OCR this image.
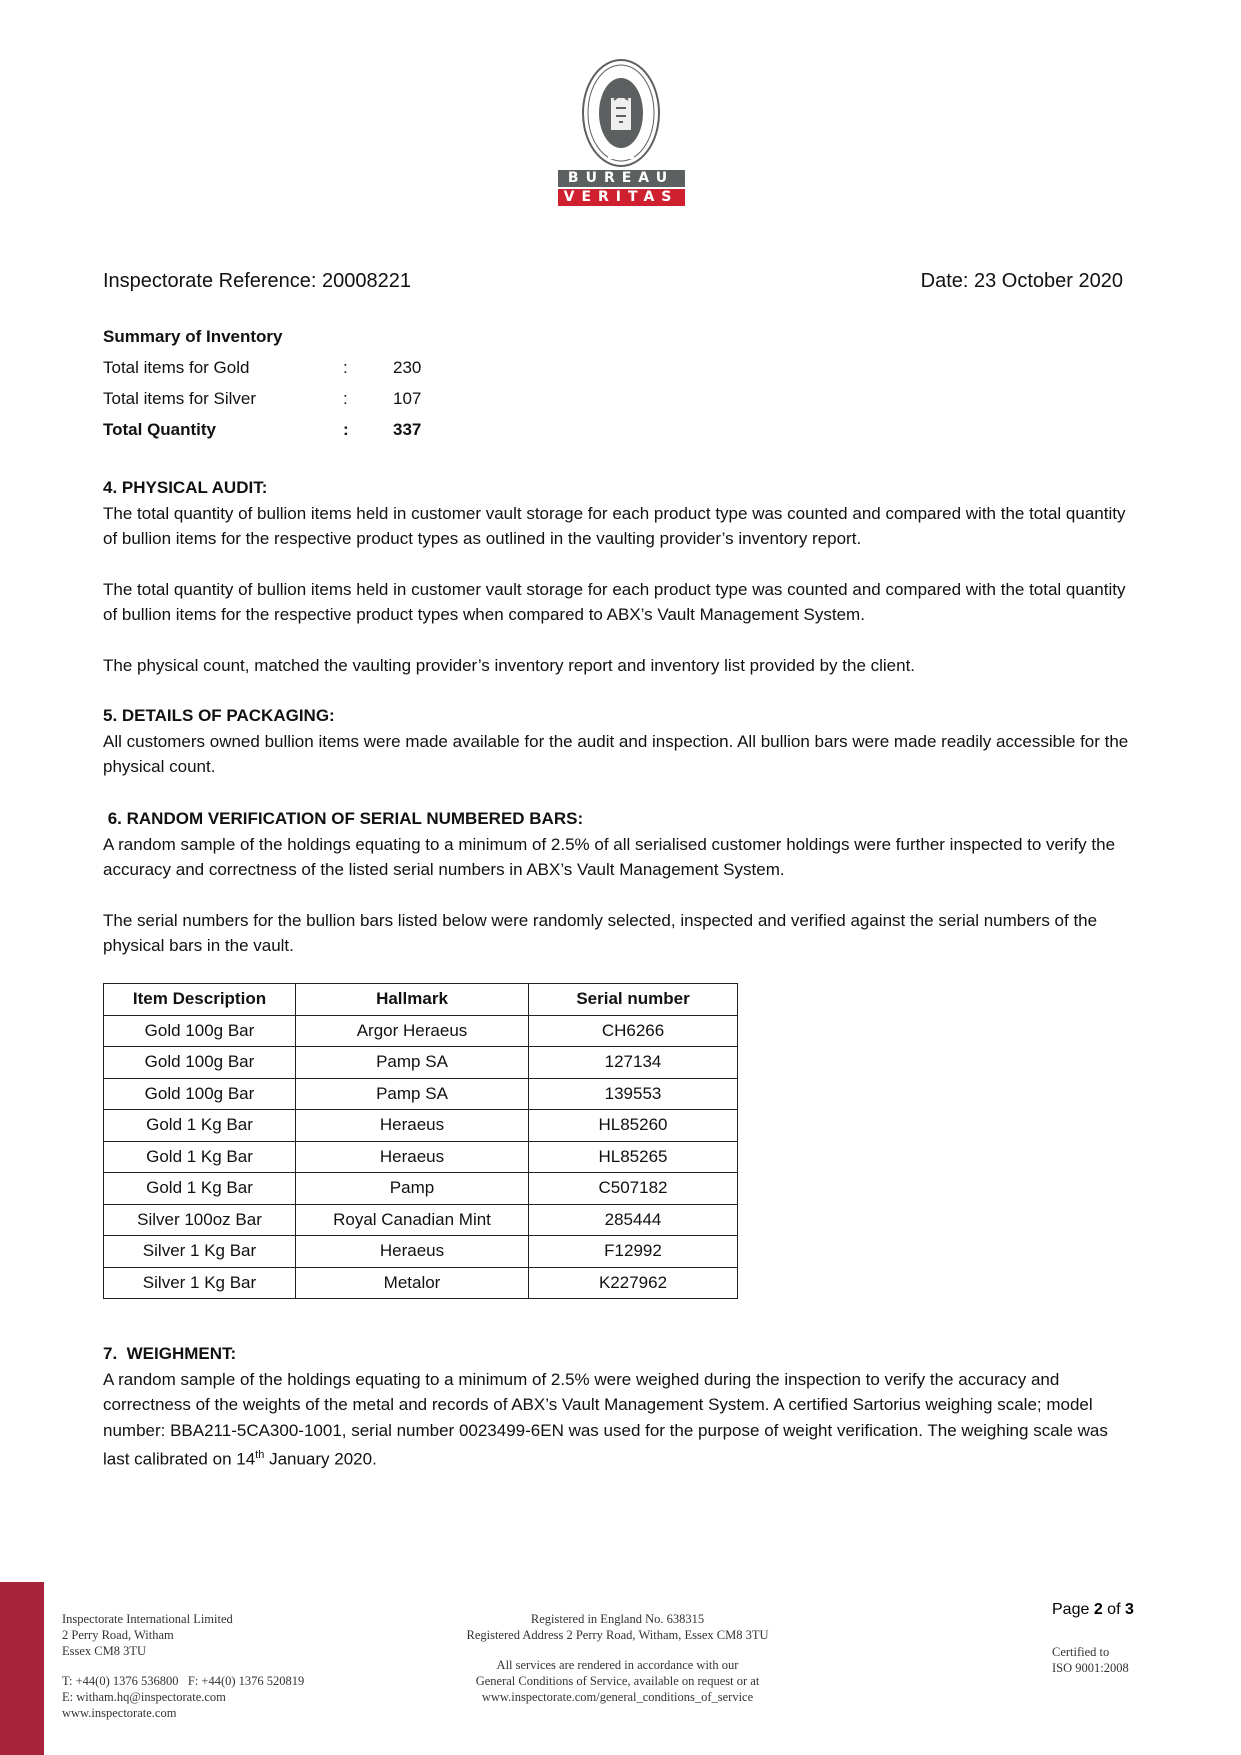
BUREAU
VERITAS
Inspectorate Reference: 20008221	Date: 23 October 2020
Summary of Inventory
Total items for Gold	:	230
Total items for Silver	:	107
Total Quantity	:	337
4. PHYSICAL AUDIT:

The total quantity of bullion items held in customer vault storage for each product type was counted and compared with the total quantity of bullion items for the respective product types as outlined in the vaulting provider’s inventory report.

The total quantity of bullion items held in customer vault storage for each product type was counted and compared with the total quantity of bullion items for the respective product types when compared to ABX’s Vault Management System.

The physical count, matched the vaulting provider’s inventory report and inventory list provided by the client.

5. DETAILS OF PACKAGING:

All customers owned bullion items were made available for the audit and inspection. All bullion bars were made readily accessible for the physical count.

6. RANDOM VERIFICATION OF SERIAL NUMBERED BARS:

A random sample of the holdings equating to a minimum of 2.5% of all serialised customer holdings were further inspected to verify the accuracy and correctness of the listed serial numbers in ABX’s Vault Management System.

The serial numbers for the bullion bars listed below were randomly selected, inspected and verified against the serial numbers of the physical bars in the vault.

Item Description	Hallmark	Serial number
Gold 100g Bar	Argor Heraeus	CH6266
Gold 100g Bar	Pamp SA	127134
Gold 100g Bar	Pamp SA	139553
Gold 1 Kg Bar	Heraeus	HL85260
Gold 1 Kg Bar	Heraeus	HL85265
Gold 1 Kg Bar	Pamp	C507182
Silver 100oz Bar	Royal Canadian Mint	285444
Silver 1 Kg Bar	Heraeus	F12992
Silver 1 Kg Bar	Metalor	K227962
7.  WEIGHMENT:

A random sample of the holdings equating to a minimum of 2.5% were weighed during the inspection to verify the accuracy and correctness of the weights of the metal and records of ABX’s Vault Management System. A certified Sartorius weighing scale; model number: BBA211-5CA300-1001, serial number 0023499-6EN was used for the purpose of weight verification. The weighing scale was last calibrated on 14th January 2020.

Inspectorate International Limited
2 Perry Road, Witham
Essex CM8 3TU
T: +44(0) 1376 536800   F: +44(0) 1376 520819
E: witham.hq@inspectorate.com
www.inspectorate.com
Registered in England No. 638315
Registered Address 2 Perry Road, Witham, Essex CM8 3TU
All services are rendered in accordance with our
General Conditions of Service, available on request or at
www.inspectorate.com/general_conditions_of_service
Page 2 of 3
Certified to
ISO 9001:2008
